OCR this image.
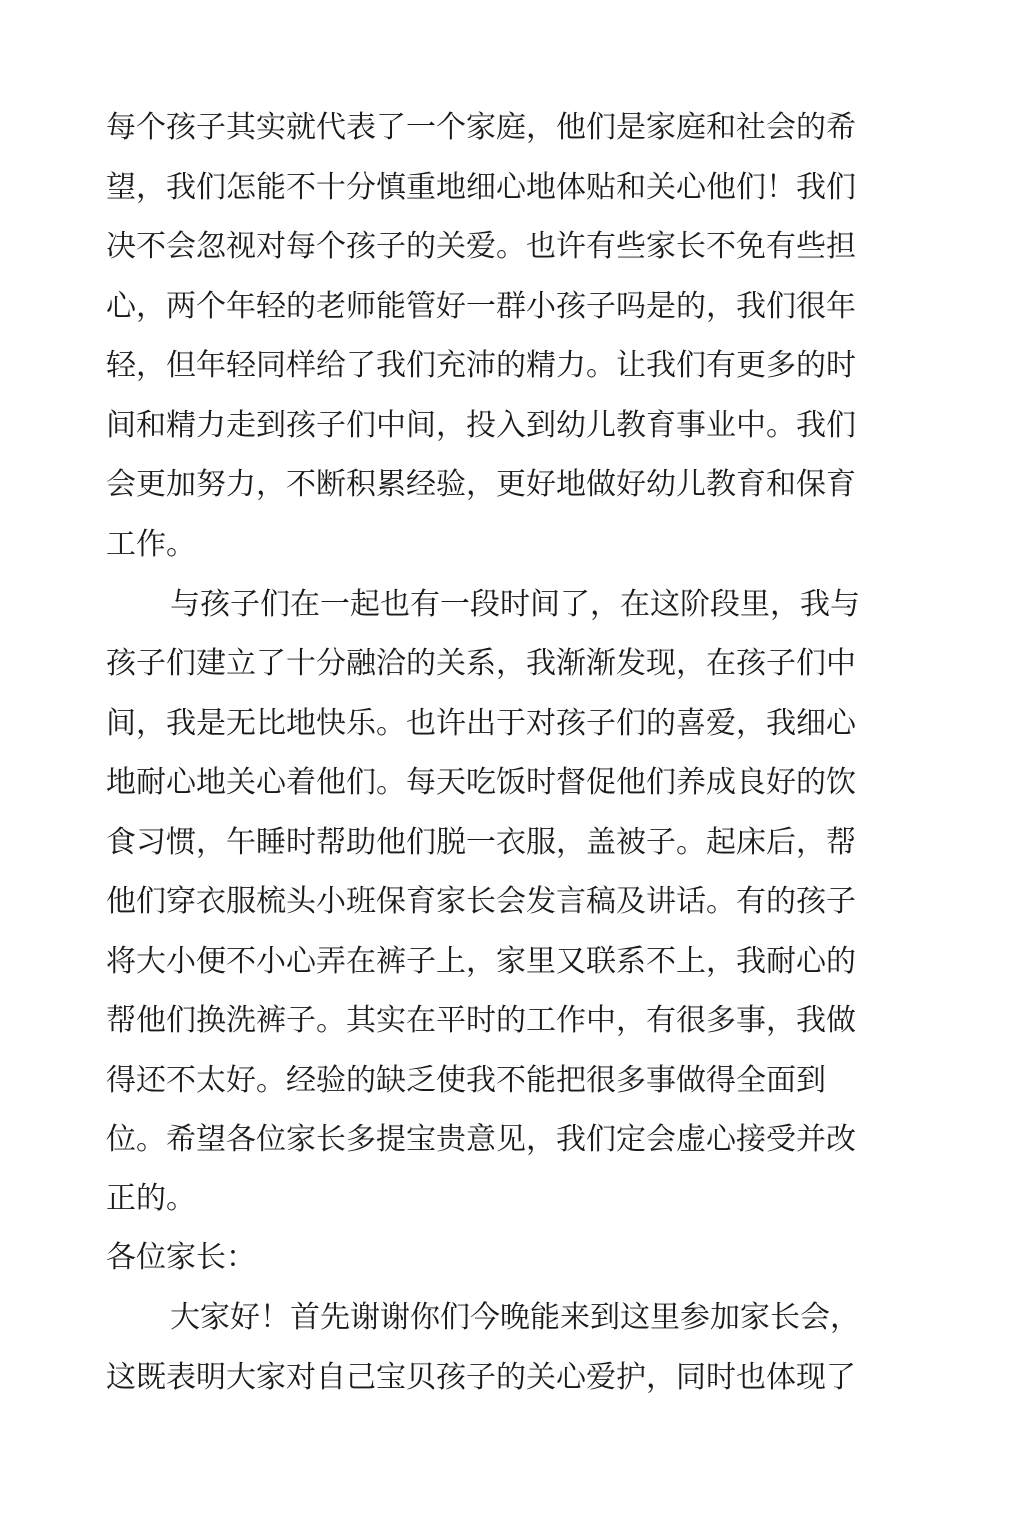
每个孩子其实就代表了一个家庭，他们是家庭和社会的希
望，我们怎能不十分慎重地细心地体贴和关心他们！我们
决不会忽视对每个孩子的关爱。也许有些家长不免有些担
心，两个年轻的老师能管好一群小孩子吗是的，我们很年
轻，但年轻同样给了我们充沛的精力。让我们有更多的时
间和精力走到孩子们中间，投入到幼儿教育事业中。我们
会更加努力，不断积累经验，更好地做好幼儿教育和保育
工作。
与孩子们在一起也有一段时间了，在这阶段里，我与
孩子们建立了十分融洽的关系，我渐渐发现，在孩子们中
间，我是无比地快乐。也许出于对孩子们的喜爱，我细心
地耐心地关心着他们。每天吃饭时督促他们养成良好的饮
食习惯，午睡时帮助他们脱一衣服，盖被子。起床后，帮
他们穿衣服梳头小班保育家长会发言稿及讲话。有的孩子
将大小便不小心弄在裤子上，家里又联系不上，我耐心的
帮他们换洗裤子。其实在平时的工作中，有很多事，我做
得还不太好。经验的缺乏使我不能把很多事做得全面到
位。希望各位家长多提宝贵意见，我们定会虚心接受并改
正的。
各位家长：
大家好！首先谢谢你们今晚能来到这里参加家长会，
这既表明大家对自己宝贝孩子的关心爱护，同时也体现了
